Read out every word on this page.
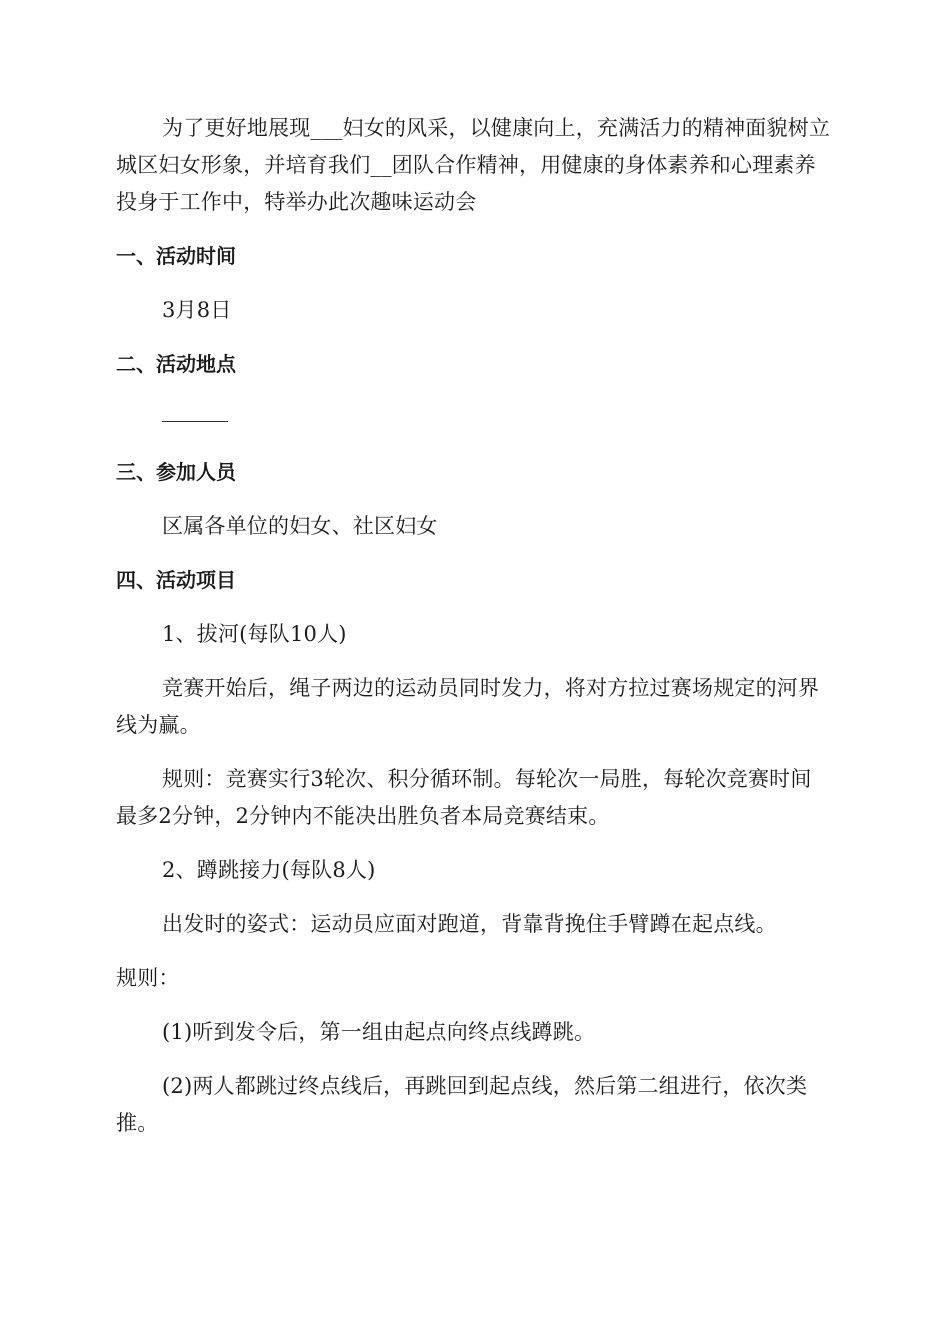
为了更好地展现___妇女的风采，以健康向上，充满活力的精神面貌树立城区妇女形象，并培育我们__团队合作精神，用健康的身体素养和心理素养投身于工作中，特举办此次趣味运动会

一、活动时间

3月8日

二、活动地点

三、参加人员

区属各单位的妇女、社区妇女

四、活动项目

1、拔河(每队10人)

竞赛开始后，绳子两边的运动员同时发力，将对方拉过赛场规定的河界线为赢。

规则：竞赛实行3轮次、积分循环制。每轮次一局胜，每轮次竞赛时间最多2分钟，2分钟内不能决出胜负者本局竞赛结束。

2、蹲跳接力(每队8人)

出发时的姿式：运动员应面对跑道，背靠背挽住手臂蹲在起点线。

规则：

(1)听到发令后，第一组由起点向终点线蹲跳。

(2)两人都跳过终点线后，再跳回到起点线，然后第二组进行，依次类推。
